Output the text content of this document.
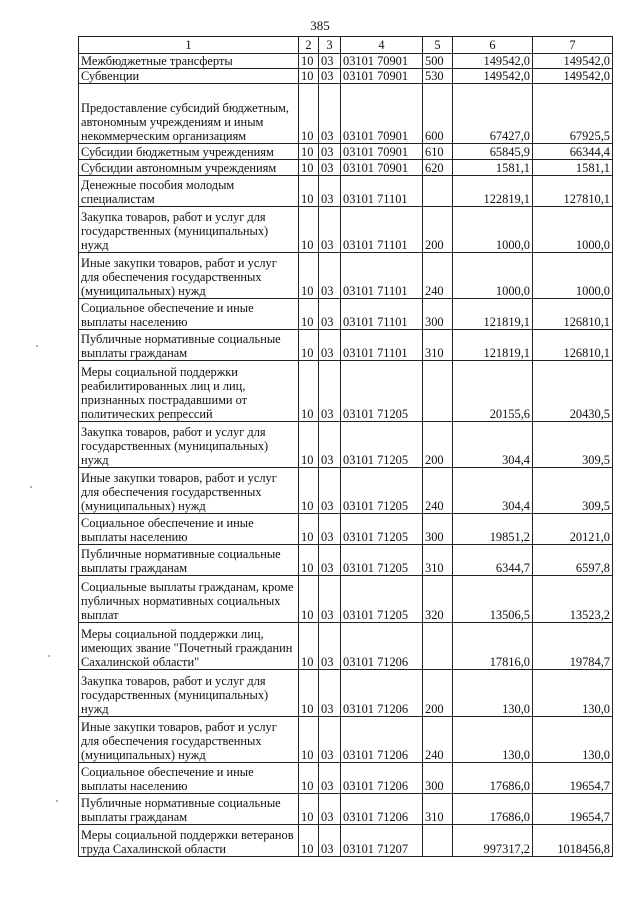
385
1	2	3	4	5	6	7
Межбюджетные трансферты	10	03	03101 70901	500	149542,0	149542,0
Субвенции	10	03	03101 70901	530	149542,0	149542,0
Предоставление субсидий бюджетным, автономным учреждениям и иным некоммерческим организациям	10	03	03101 70901	600	67427,0	67925,5
Субсидии бюджетным учреждениям	10	03	03101 70901	610	65845,9	66344,4
Субсидии автономным учреждениям	10	03	03101 70901	620	1581,1	1581,1
Денежные пособия молодым специалистам	10	03	03101 71101		122819,1	127810,1
Закупка товаров, работ и услуг для государственных (муниципальных) нужд	10	03	03101 71101	200	1000,0	1000,0
Иные закупки товаров, работ и услуг для обеспечения государственных (муниципальных) нужд	10	03	03101 71101	240	1000,0	1000,0
Социальное обеспечение и иные выплаты населению	10	03	03101 71101	300	121819,1	126810,1
Публичные нормативные социальные выплаты гражданам	10	03	03101 71101	310	121819,1	126810,1
Меры социальной поддержки реабилитированных лиц и лиц, признанных пострадавшими от политических репрессий	10	03	03101 71205		20155,6	20430,5
Закупка товаров, работ и услуг для государственных (муниципальных) нужд	10	03	03101 71205	200	304,4	309,5
Иные закупки товаров, работ и услуг для обеспечения государственных (муниципальных) нужд	10	03	03101 71205	240	304,4	309,5
Социальное обеспечение и иные выплаты населению	10	03	03101 71205	300	19851,2	20121,0
Публичные нормативные социальные выплаты гражданам	10	03	03101 71205	310	6344,7	6597,8
Социальные выплаты гражданам, кроме публичных нормативных социальных выплат	10	03	03101 71205	320	13506,5	13523,2
Меры социальной поддержки лиц, имеющих звание "Почетный гражданин Сахалинской области"	10	03	03101 71206		17816,0	19784,7
Закупка товаров, работ и услуг для государственных (муниципальных) нужд	10	03	03101 71206	200	130,0	130,0
Иные закупки товаров, работ и услуг для обеспечения государственных (муниципальных) нужд	10	03	03101 71206	240	130,0	130,0
Социальное обеспечение и иные выплаты населению	10	03	03101 71206	300	17686,0	19654,7
Публичные нормативные социальные выплаты гражданам	10	03	03101 71206	310	17686,0	19654,7
Меры социальной поддержки ветеранов труда Сахалинской области	10	03	03101 71207		997317,2	1018456,8
